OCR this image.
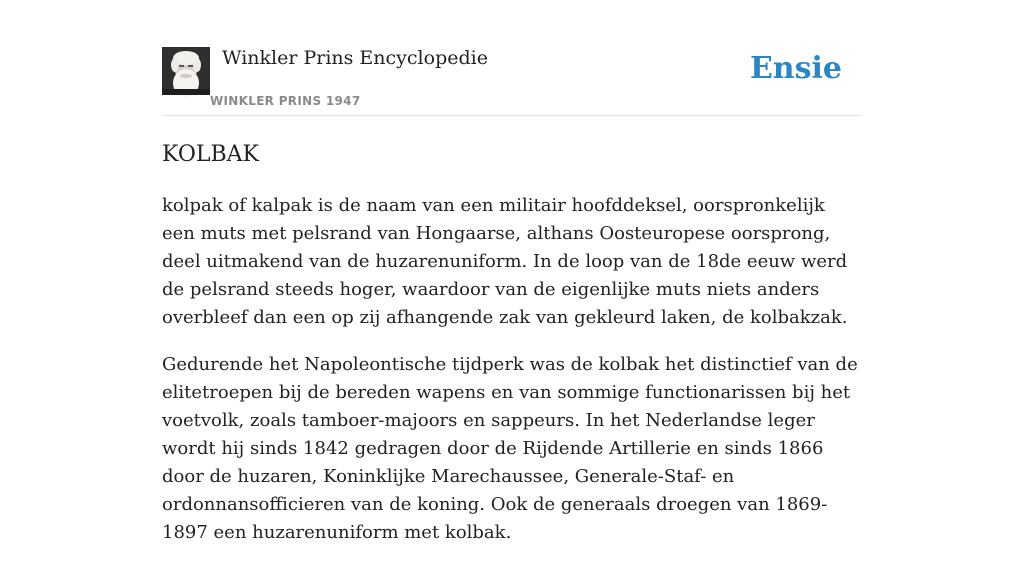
Winkler Prins Encyclopedie
WINKLER PRINS 1947
Ensie
KOLBAK

kolpak of kalpak is de naam van een militair hoofddeksel, oorspronkelijk een muts met pelsrand van Hongaarse, althans Oosteuropese oorsprong, deel uitmakend van de huzarenuniform. In de loop van de 18de eeuw werd de pelsrand steeds hoger, waardoor van de eigenlijke muts niets anders overbleef dan een op zij afhangende zak van gekleurd laken, de kolbakzak.

Gedurende het Napoleontische tijdperk was de kolbak het distinctief van de elitetroepen bij de bereden wapens en van sommige functionarissen bij het voetvolk, zoals tamboer-majoors en sappeurs. In het Nederlandse leger wordt hij sinds 1842 gedragen door de Rijdende Artillerie en sinds 1866 door de huzaren, Koninklijke Marechaussee, Generale-Staf- en ordonnansofficieren van de koning. Ook de generaals droegen van 1869-1897 een huzarenuniform met kolbak.
